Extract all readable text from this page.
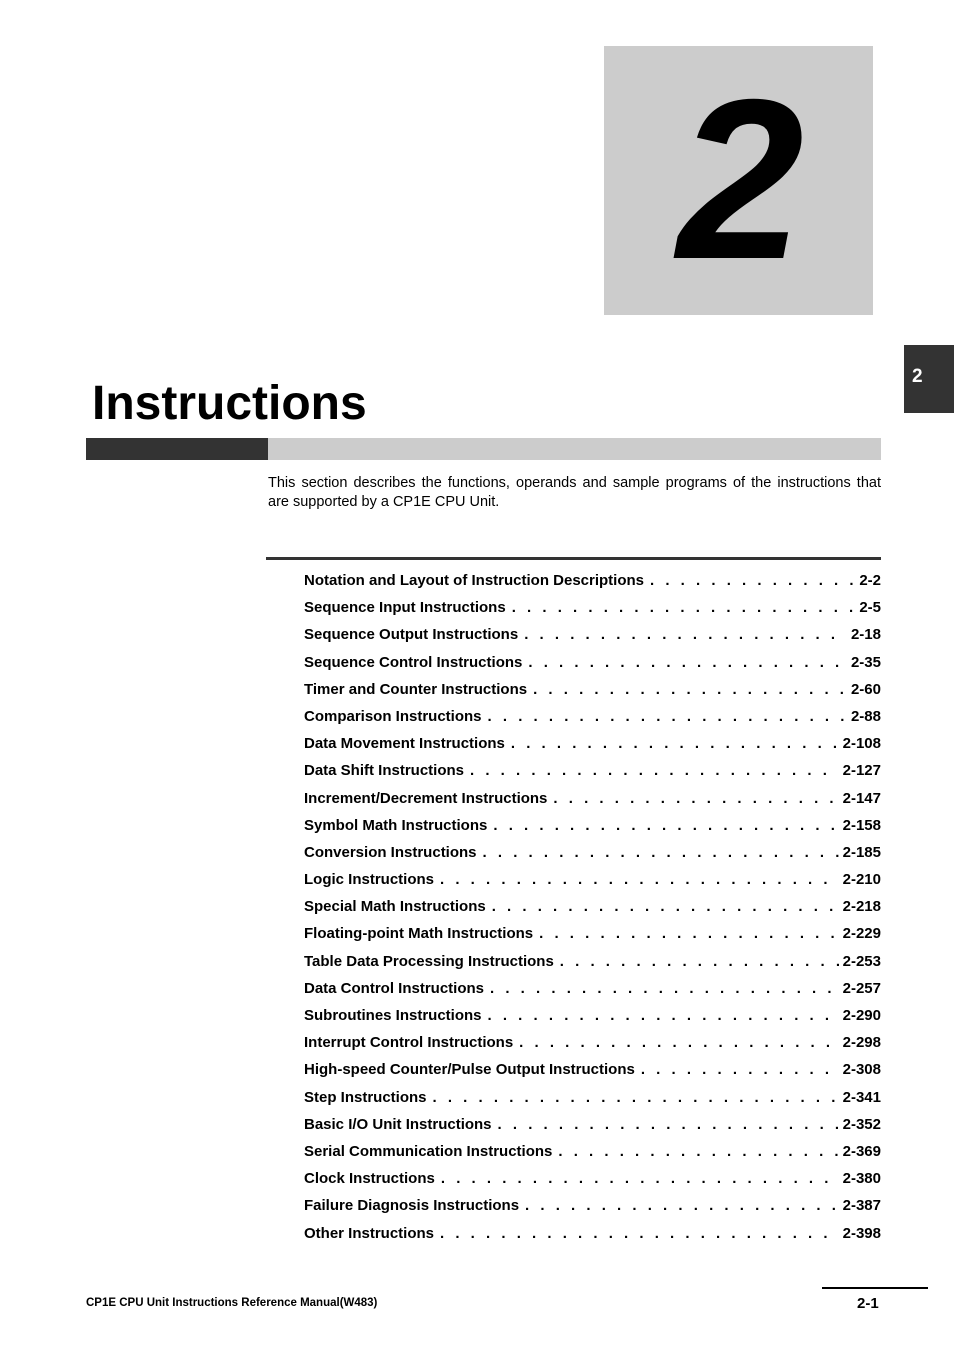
2
2
Instructions

This section describes the functions, operands and sample programs of the instructions that are supported by a CP1E CPU Unit.

Notation and Layout of Instruction Descriptions . . .	2-2
Sequence Input Instructions . . .	2-5
Sequence Output Instructions . . .	2-18
Sequence Control Instructions . . .	2-35
Timer and Counter Instructions . . .	2-60
Comparison Instructions . . .	2-88
Data Movement Instructions . . .	2-108
Data Shift Instructions . . .	2-127
Increment/Decrement Instructions . . .	2-147
Symbol Math Instructions . . .	2-158
Conversion Instructions . . .	2-185
Logic Instructions . . .	2-210
Special Math Instructions . . .	2-218
Floating-point Math Instructions . . .	2-229
Table Data Processing Instructions . . .	2-253
Data Control Instructions . . .	2-257
Subroutines Instructions . . .	2-290
Interrupt Control Instructions . . .	2-298
High-speed Counter/Pulse Output Instructions . . .	2-308
Step Instructions . . .	2-341
Basic I/O Unit Instructions . . .	2-352
Serial Communication Instructions . . .	2-369
Clock Instructions . . .	2-380
Failure Diagnosis Instructions . . .	2-387
Other Instructions . . .	2-398
CP1E CPU Unit Instructions Reference Manual(W483)	2-1
